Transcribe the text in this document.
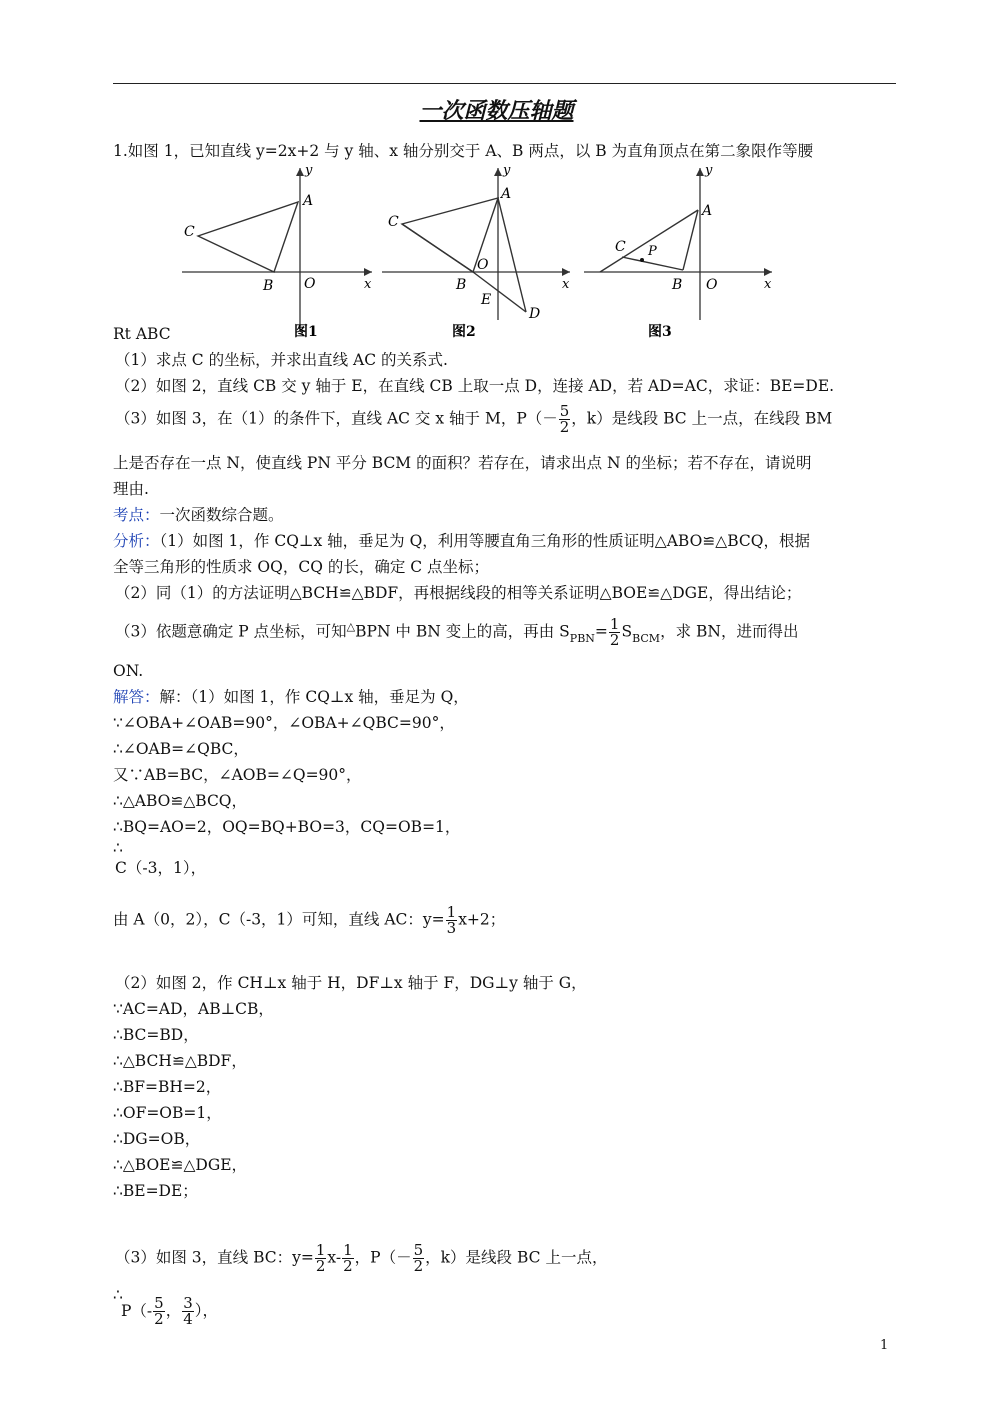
一次函数压轴题
1.如图 1，已知直线 y=2x+2 与 y 轴、x 轴分别交于 A、B 两点，以 B 为直角顶点在第二象限作等腰
y
x
O
A
B
C
图1
y
x
O
A
B
C
E
D
图2
y
x
O
A
B
C P
图3
Rt ABC
（1）求点 C 的坐标，并求出直线 AC 的关系式.
（2）如图 2，直线 CB 交 y 轴于 E，在直线 CB 上取一点 D，连接 AD，若 AD=AC，求证：BE=DE.
（3）如图 3，在（1）的条件下，直线 AC 交 x 轴于 M，$P(- \frac{5}{2}$ ，k）是线段 BC 上一点，在线段 BM
上是否存在一点 N，使直线 PN 平分 BCM 的面积？若存在，请求出点 N 的坐标；若不存在，请说明
理由.
考点：一次函数综合题。
分析：（1）如图 1，作 CQ⊥x 轴，垂足为 Q，利用等腰直角三角形的性质证明△ABO≌△BCQ，根据
全等三角形的性质求 OQ，CQ 的长，确定 C 点坐标；
（2）同（1）的方法证明△BCH≌△BDF，再根据线段的相等关系证明△BOE≌△DGE，得出结论；
（3）依题意确定 P 点坐标，可知△BPN 中 BN 变上的高，再由 $S_{PBN}= \frac{1}{2} S_{BCM}$，求 BN，进而得出
ON.
解答：解：（1）如图 1，作 CQ⊥x 轴，垂足为 Q，
∵∠OBA+∠OAB=90°，∠OBA+∠QBC=90°，
∴∠OAB=∠QBC，
又∵AB=BC，∠AOB=∠Q=90°，
∴△ABO≌△BCQ，
∴BQ=AO=2，OQ=BQ+BO=3，CQ=OB=1，
∴
C（-3，1），
由 A（0，2），C（-3，1）可知，直线 AC：$y= \frac{1}{3} x+2$；
（2）如图 2，作 CH⊥x 轴于 H，DF⊥x 轴于 F，DG⊥y 轴于 G，
∵AC=AD，AB⊥CB，
∴BC=BD，
∴△BCH≌△BDF，
∴BF=BH=2，
∴OF=OB=1，
∴DG=OB，
∴△BOE≌△DGE，
∴BE=DE；
（3）如图 3，直线 BC：$y= \frac{1}{2} x- \frac{1}{2}$ ，$P(- \frac{5}{2}$ ，k）是线段 BC 上一点，
∴
$P(- \frac{5}{2}$ ， $\frac{3}{4}$ ），
1
